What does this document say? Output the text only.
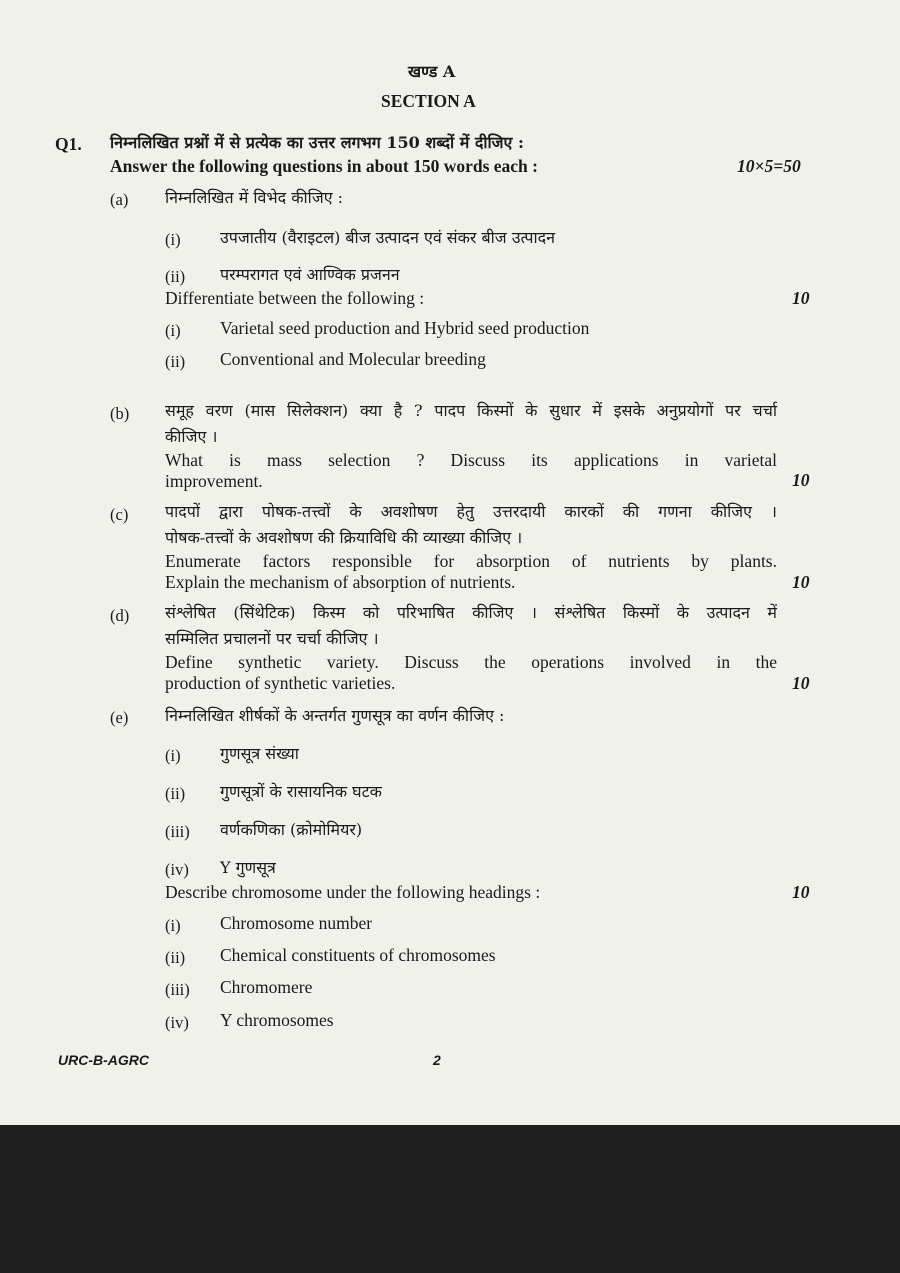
खण्ड A
SECTION A
Q1. निम्नलिखित प्रश्नों में से प्रत्येक का उत्तर लगभग 150 शब्दों में दीजिए :
Answer the following questions in about 150 words each :	10×5=50
(a) निम्नलिखित में विभेद कीजिए :
(i) उपजातीय (वैराइटल) बीज उत्पादन एवं संकर बीज उत्पादन
(ii) परम्परागत एवं आण्विक प्रजनन
Differentiate between the following :	10
(i) Varietal seed production and Hybrid seed production
(ii) Conventional and Molecular breeding
(b) समूह वरण (मास सिलेक्शन) क्या है ? पादप किस्मों के सुधार में इसके अनुप्रयोगों पर चर्चा
कीजिए ।
What is mass selection ? Discuss its applications in varietal
improvement.	10
(c) पादपों द्वारा पोषक-तत्त्वों के अवशोषण हेतु उत्तरदायी कारकों की गणना कीजिए ।
पोषक-तत्त्वों के अवशोषण की क्रियाविधि की व्याख्या कीजिए ।
Enumerate factors responsible for absorption of nutrients by plants.
Explain the mechanism of absorption of nutrients.	10
(d) संश्लेषित (सिंथेटिक) किस्म को परिभाषित कीजिए । संश्लेषित किस्मों के उत्पादन में
सम्मिलित प्रचालनों पर चर्चा कीजिए ।
Define synthetic variety. Discuss the operations involved in the
production of synthetic varieties.	10
(e) निम्नलिखित शीर्षकों के अन्तर्गत गुणसूत्र का वर्णन कीजिए :
(i) गुणसूत्र संख्या
(ii) गुणसूत्रों के रासायनिक घटक
(iii) वर्णकणिका (क्रोमोमियर)
(iv) Y गुणसूत्र
Describe chromosome under the following headings :	10
(i) Chromosome number
(ii) Chemical constituents of chromosomes
(iii) Chromomere
(iv) Y chromosomes
URC-B-AGRC	2
